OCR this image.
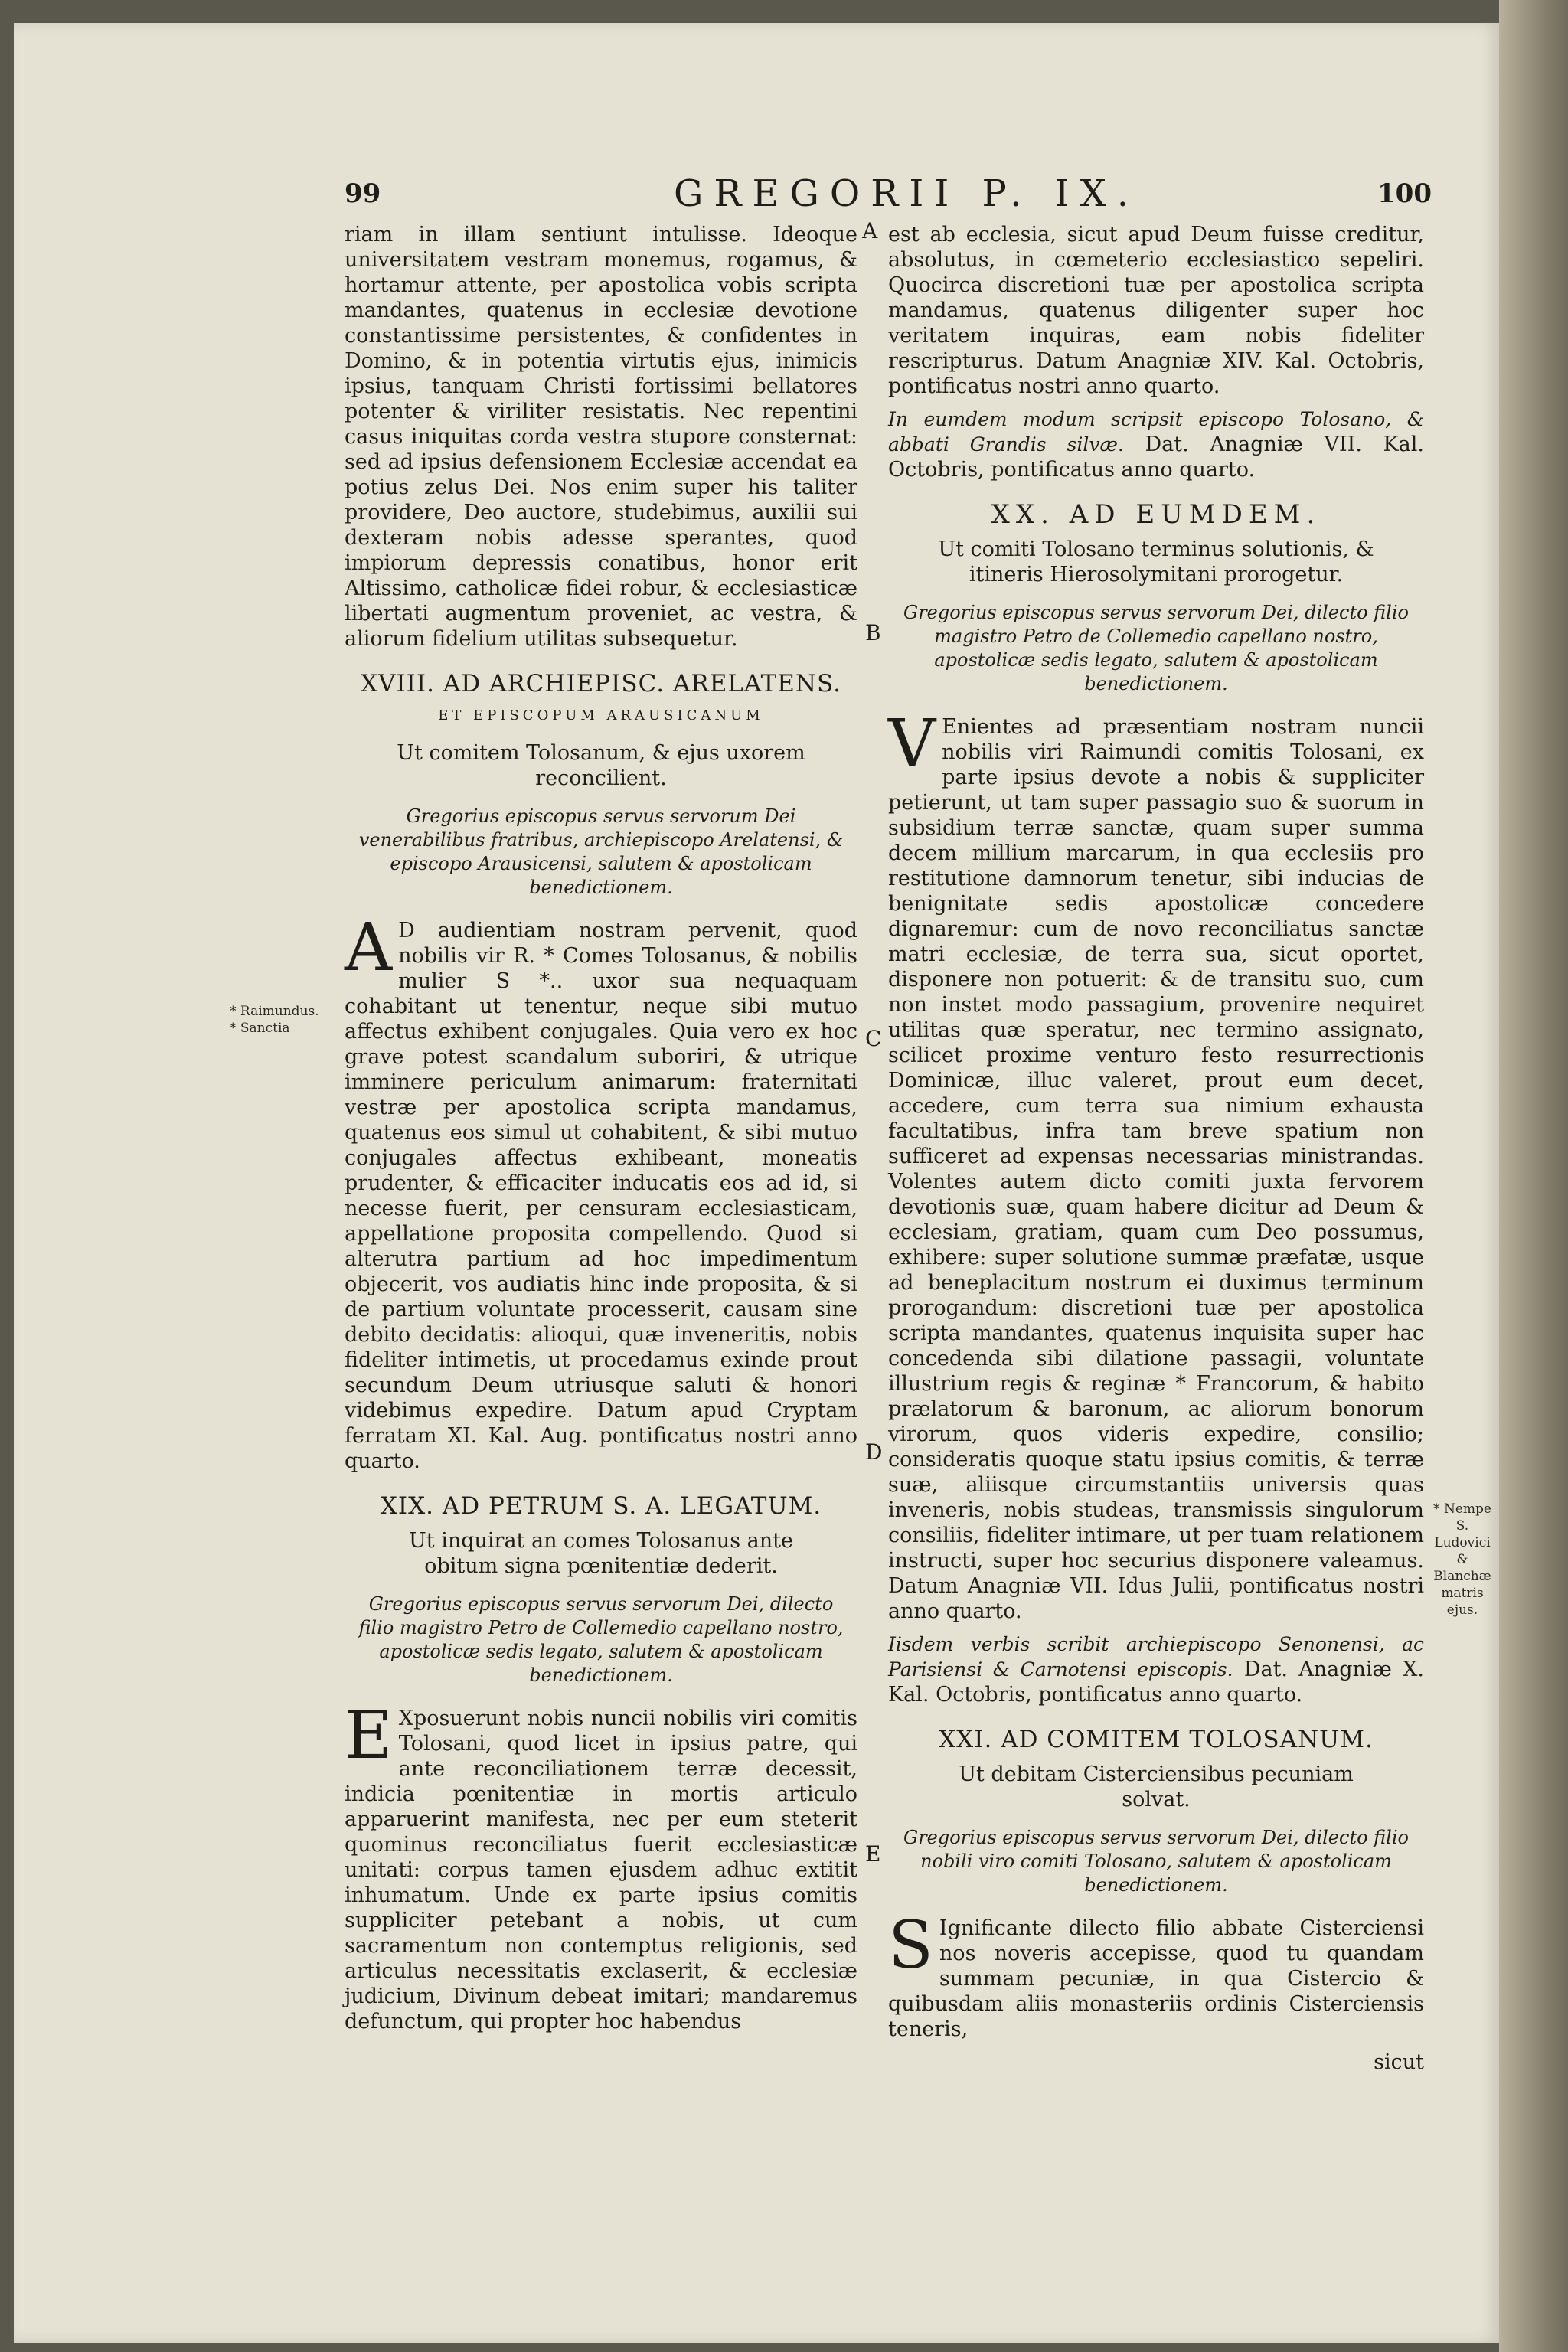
99	GREGORII P. IX.	100
A
B
C
D
E
* Raimundus.
* Sanctia
* Nempe S. Ludovici & Blanchæ matris ejus.

riam in illam sentiunt intulisse. Ideoque universitatem vestram monemus, rogamus, & hortamur attente, per apostolica vobis scripta mandantes, quatenus in ecclesiæ devotione constantissime persistentes, & confidentes in Domino, & in potentia virtutis ejus, inimicis ipsius, tanquam Christi fortissimi bellatores potenter & viriliter resistatis. Nec repentini casus iniquitas corda vestra stupore consternat: sed ad ipsius defensionem Ecclesiæ accendat ea potius zelus Dei. Nos enim super his taliter providere, Deo auctore, studebimus, auxilii sui dexteram nobis adesse sperantes, quod impiorum depressis conatibus, honor erit Altissimo, catholicæ fidei robur, & ecclesiasticæ libertati augmentum proveniet, ac vestra, & aliorum fidelium utilitas subsequetur.

XVIII. AD ARCHIEPISC. ARELATENS.
ET EPISCOPUM ARAUSICANUM
Ut comitem Tolosanum, & ejus uxorem reconcilient.
Gregorius episcopus servus servorum Dei venerabilibus fratribus, archiepiscopo Arelatensi, & episcopo Arausicensi, salutem & apostolicam benedictionem.

A D audientiam nostram pervenit, quod nobilis vir R. * Comes Tolosanus, & nobilis mulier S *.. uxor sua nequaquam cohabitant ut tenentur, neque sibi mutuo affectus exhibent conjugales. Quia vero ex hoc grave potest scandalum suboriri, & utrique imminere periculum animarum: fraternitati vestræ per apostolica scripta mandamus, quatenus eos simul ut cohabitent, & sibi mutuo conjugales affectus exhibeant, moneatis prudenter, & efficaciter inducatis eos ad id, si necesse fuerit, per censuram ecclesiasticam, appellatione proposita compellendo. Quod si alterutra partium ad hoc impedimentum objecerit, vos audiatis hinc inde proposita, & si de partium voluntate processerit, causam sine debito decidatis: alioqui, quæ inveneritis, nobis fideliter intimetis, ut procedamus exinde prout secundum Deum utriusque saluti & honori videbimus expedire. Datum apud Cryptam ferratam XI. Kal. Aug. pontificatus nostri anno quarto.

XIX. AD PETRUM S. A. LEGATUM.
Ut inquirat an comes Tolosanus ante obitum signa pœnitentiæ dederit.
Gregorius episcopus servus servorum Dei, dilecto filio magistro Petro de Collemedio capellano nostro, apostolicæ sedis legato, salutem & apostolicam benedictionem.

E Xposuerunt nobis nuncii nobilis viri comitis Tolosani, quod licet in ipsius patre, qui ante reconciliationem terræ decessit, indicia pœnitentiæ in mortis articulo apparuerint manifesta, nec per eum steterit quominus reconciliatus fuerit ecclesiasticæ unitati: corpus tamen ejusdem adhuc extitit inhumatum. Unde ex parte ipsius comitis suppliciter petebant a nobis, ut cum sacramentum non contemptus religionis, sed articulus necessitatis exclaserit, & ecclesiæ judicium, Divinum debeat imitari; mandaremus defunctum, qui propter hoc habendus

est ab ecclesia, sicut apud Deum fuisse creditur, absolutus, in cœmeterio ecclesiastico sepeliri. Quocirca discretioni tuæ per apostolica scripta mandamus, quatenus diligenter super hoc veritatem inquiras, eam nobis fideliter rescripturus. Datum Anagniæ XIV. Kal. Octobris, pontificatus nostri anno quarto.

In eumdem modum scripsit episcopo Tolosano, & abbati Grandis silvæ. Dat. Anagniæ VII. Kal. Octobris, pontificatus anno quarto.

XX. AD EUMDEM.
Ut comiti Tolosano terminus solutionis, & itineris Hierosolymitani prorogetur.
Gregorius episcopus servus servorum Dei, dilecto filio magistro Petro de Collemedio capellano nostro, apostolicæ sedis legato, salutem & apostolicam benedictionem.

V Enientes ad præsentiam nostram nuncii nobilis viri Raimundi comitis Tolosani, ex parte ipsius devote a nobis & suppliciter petierunt, ut tam super passagio suo & suorum in subsidium terræ sanctæ, quam super summa decem millium marcarum, in qua ecclesiis pro restitutione damnorum tenetur, sibi inducias de benignitate sedis apostolicæ concedere dignaremur: cum de novo reconciliatus sanctæ matri ecclesiæ, de terra sua, sicut oportet, disponere non potuerit: & de transitu suo, cum non instet modo passagium, provenire nequiret utilitas quæ speratur, nec termino assignato, scilicet proxime venturo festo resurrectionis Dominicæ, illuc valeret, prout eum decet, accedere, cum terra sua nimium exhausta facultatibus, infra tam breve spatium non sufficeret ad expensas necessarias ministrandas. Volentes autem dicto comiti juxta fervorem devotionis suæ, quam habere dicitur ad Deum & ecclesiam, gratiam, quam cum Deo possumus, exhibere: super solutione summæ præfatæ, usque ad beneplacitum nostrum ei duximus terminum prorogandum: discretioni tuæ per apostolica scripta mandantes, quatenus inquisita super hac concedenda sibi dilatione passagii, voluntate illustrium regis & reginæ * Francorum, & habito prælatorum & baronum, ac aliorum bonorum virorum, quos videris expedire, consilio; consideratis quoque statu ipsius comitis, & terræ suæ, aliisque circumstantiis universis quas inveneris, nobis studeas, transmissis singulorum consiliis, fideliter intimare, ut per tuam relationem instructi, super hoc securius disponere valeamus. Datum Anagniæ VII. Idus Julii, pontificatus nostri anno quarto.

Iisdem verbis scribit archiepiscopo Senonensi, ac Parisiensi & Carnotensi episcopis. Dat. Anagniæ X. Kal. Octobris, pontificatus anno quarto.

XXI. AD COMITEM TOLOSANUM.
Ut debitam Cisterciensibus pecuniam solvat.
Gregorius episcopus servus servorum Dei, dilecto filio nobili viro comiti Tolosano, salutem & apostolicam benedictionem.

S Ignificante dilecto filio abbate Cisterciensi nos noveris accepisse, quod tu quandam summam pecuniæ, in qua Cistercio & quibusdam aliis monasteriis ordinis Cisterciensis teneris,

sicut
